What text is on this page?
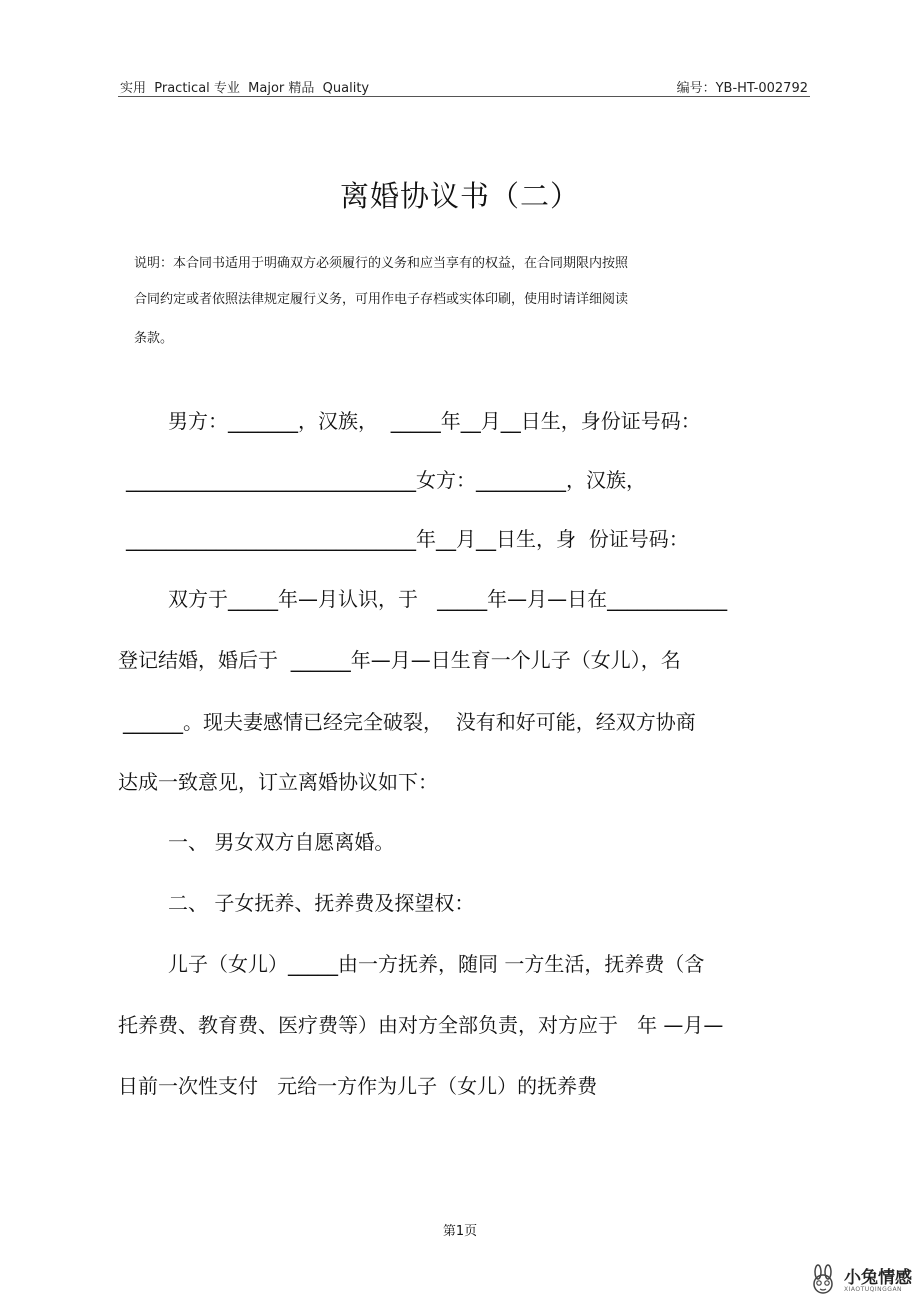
实用  Practical 专业  Major 精品  Quality	编号：YB-HT-002792
离婚协议书（二）
说明：本合同书适用于明确双方必须履行的义务和应当享有的权益，在合同期限内按照
合同约定或者依照法律规定履行义务，可用作电子存档或实体印刷，使用时请详细阅读
条款。
男方：_______，汉族，  _____年__月__日生，身份证号码：
_____________________________女方：_________，汉族，
_____________________________年__月__日生，身  份证号码：
双方于_____年—月认识，于   _____年—月—日在____________
登记结婚，婚后于  ______年—月—日生育一个儿子（女儿），名
______。现夫妻感情已经完全破裂，  没有和好可能，经双方协商
达成一致意见，订立离婚协议如下：
一、 男女双方自愿离婚。
二、 子女抚养、抚养费及探望权：
儿子（女儿）_____由一方抚养，随同 一方生活，抚养费（含
托养费、教育费、医疗费等）由对方全部负责，对方应于   年 —月—
日前一次性支付   元给一方作为儿子（女儿）的抚养费
第1页
小兔情感
XIAOTUQINGGAN
